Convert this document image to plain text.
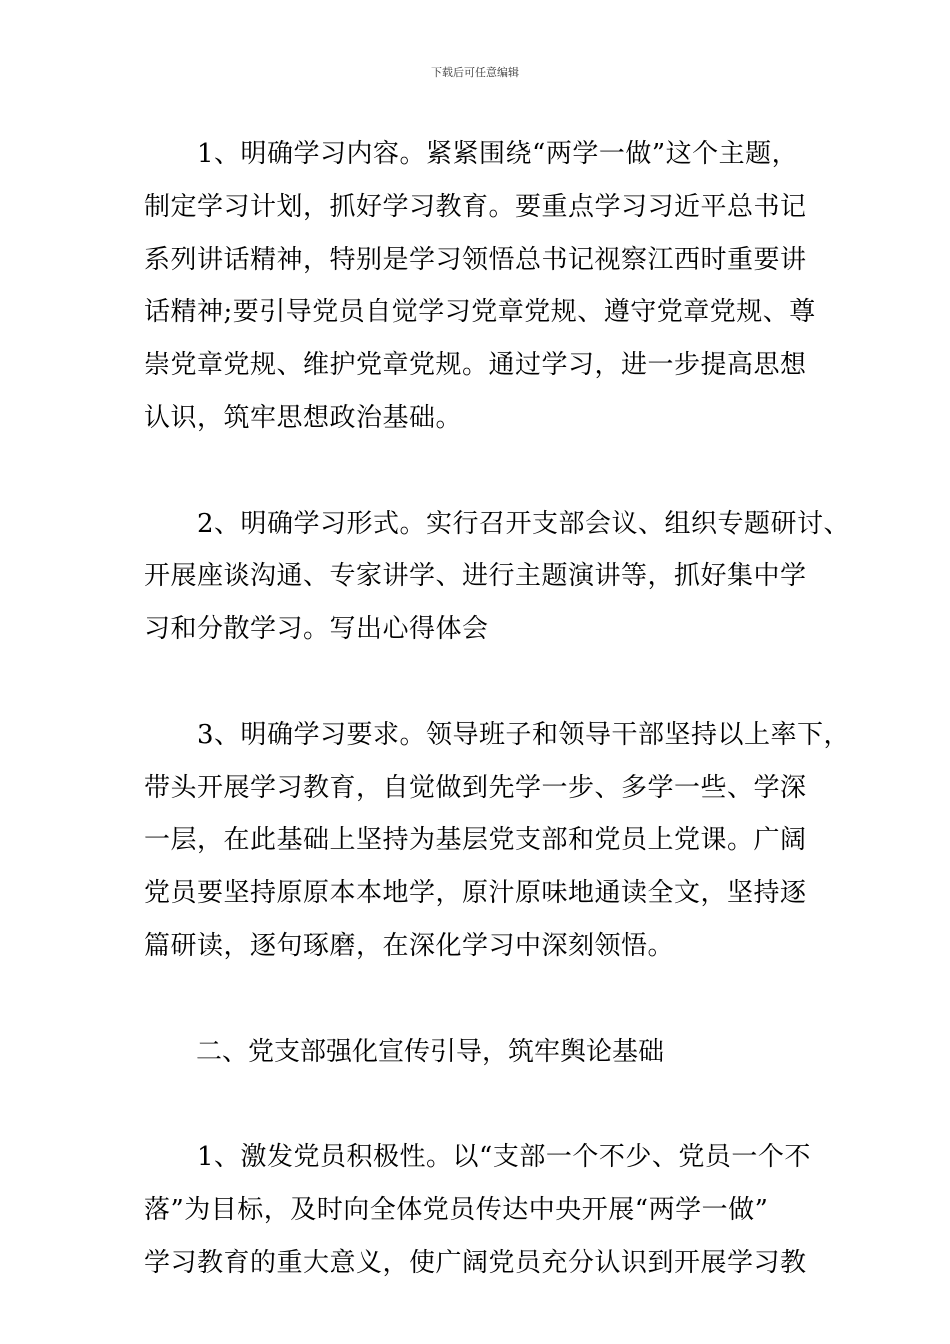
下载后可任意编辑

　　1、明确学习内容。紧紧围绕“两学一做”这个主题，
制定学习计划，抓好学习教育。要重点学习习近平总书记
系列讲话精神，特别是学习领悟总书记视察江西时重要讲
话精神;要引导党员自觉学习党章党规、遵守党章党规、尊
崇党章党规、维护党章党规。通过学习，进一步提高思想
认识，筑牢思想政治基础。

　　2、明确学习形式。实行召开支部会议、组织专题研讨、
开展座谈沟通、专家讲学、进行主题演讲等，抓好集中学
习和分散学习。写出心得体会

　　3、明确学习要求。领导班子和领导干部坚持以上率下，
带头开展学习教育，自觉做到先学一步、多学一些、学深
一层，在此基础上坚持为基层党支部和党员上党课。广阔
党员要坚持原原本本地学，原汁原味地通读全文，坚持逐
篇研读，逐句琢磨，在深化学习中深刻领悟。

　　二、党支部强化宣传引导，筑牢舆论基础

　　1、激发党员积极性。以“支部一个不少、党员一个不
落”为目标，及时向全体党员传达中央开展“两学一做”
学习教育的重大意义，使广阔党员充分认识到开展学习教
